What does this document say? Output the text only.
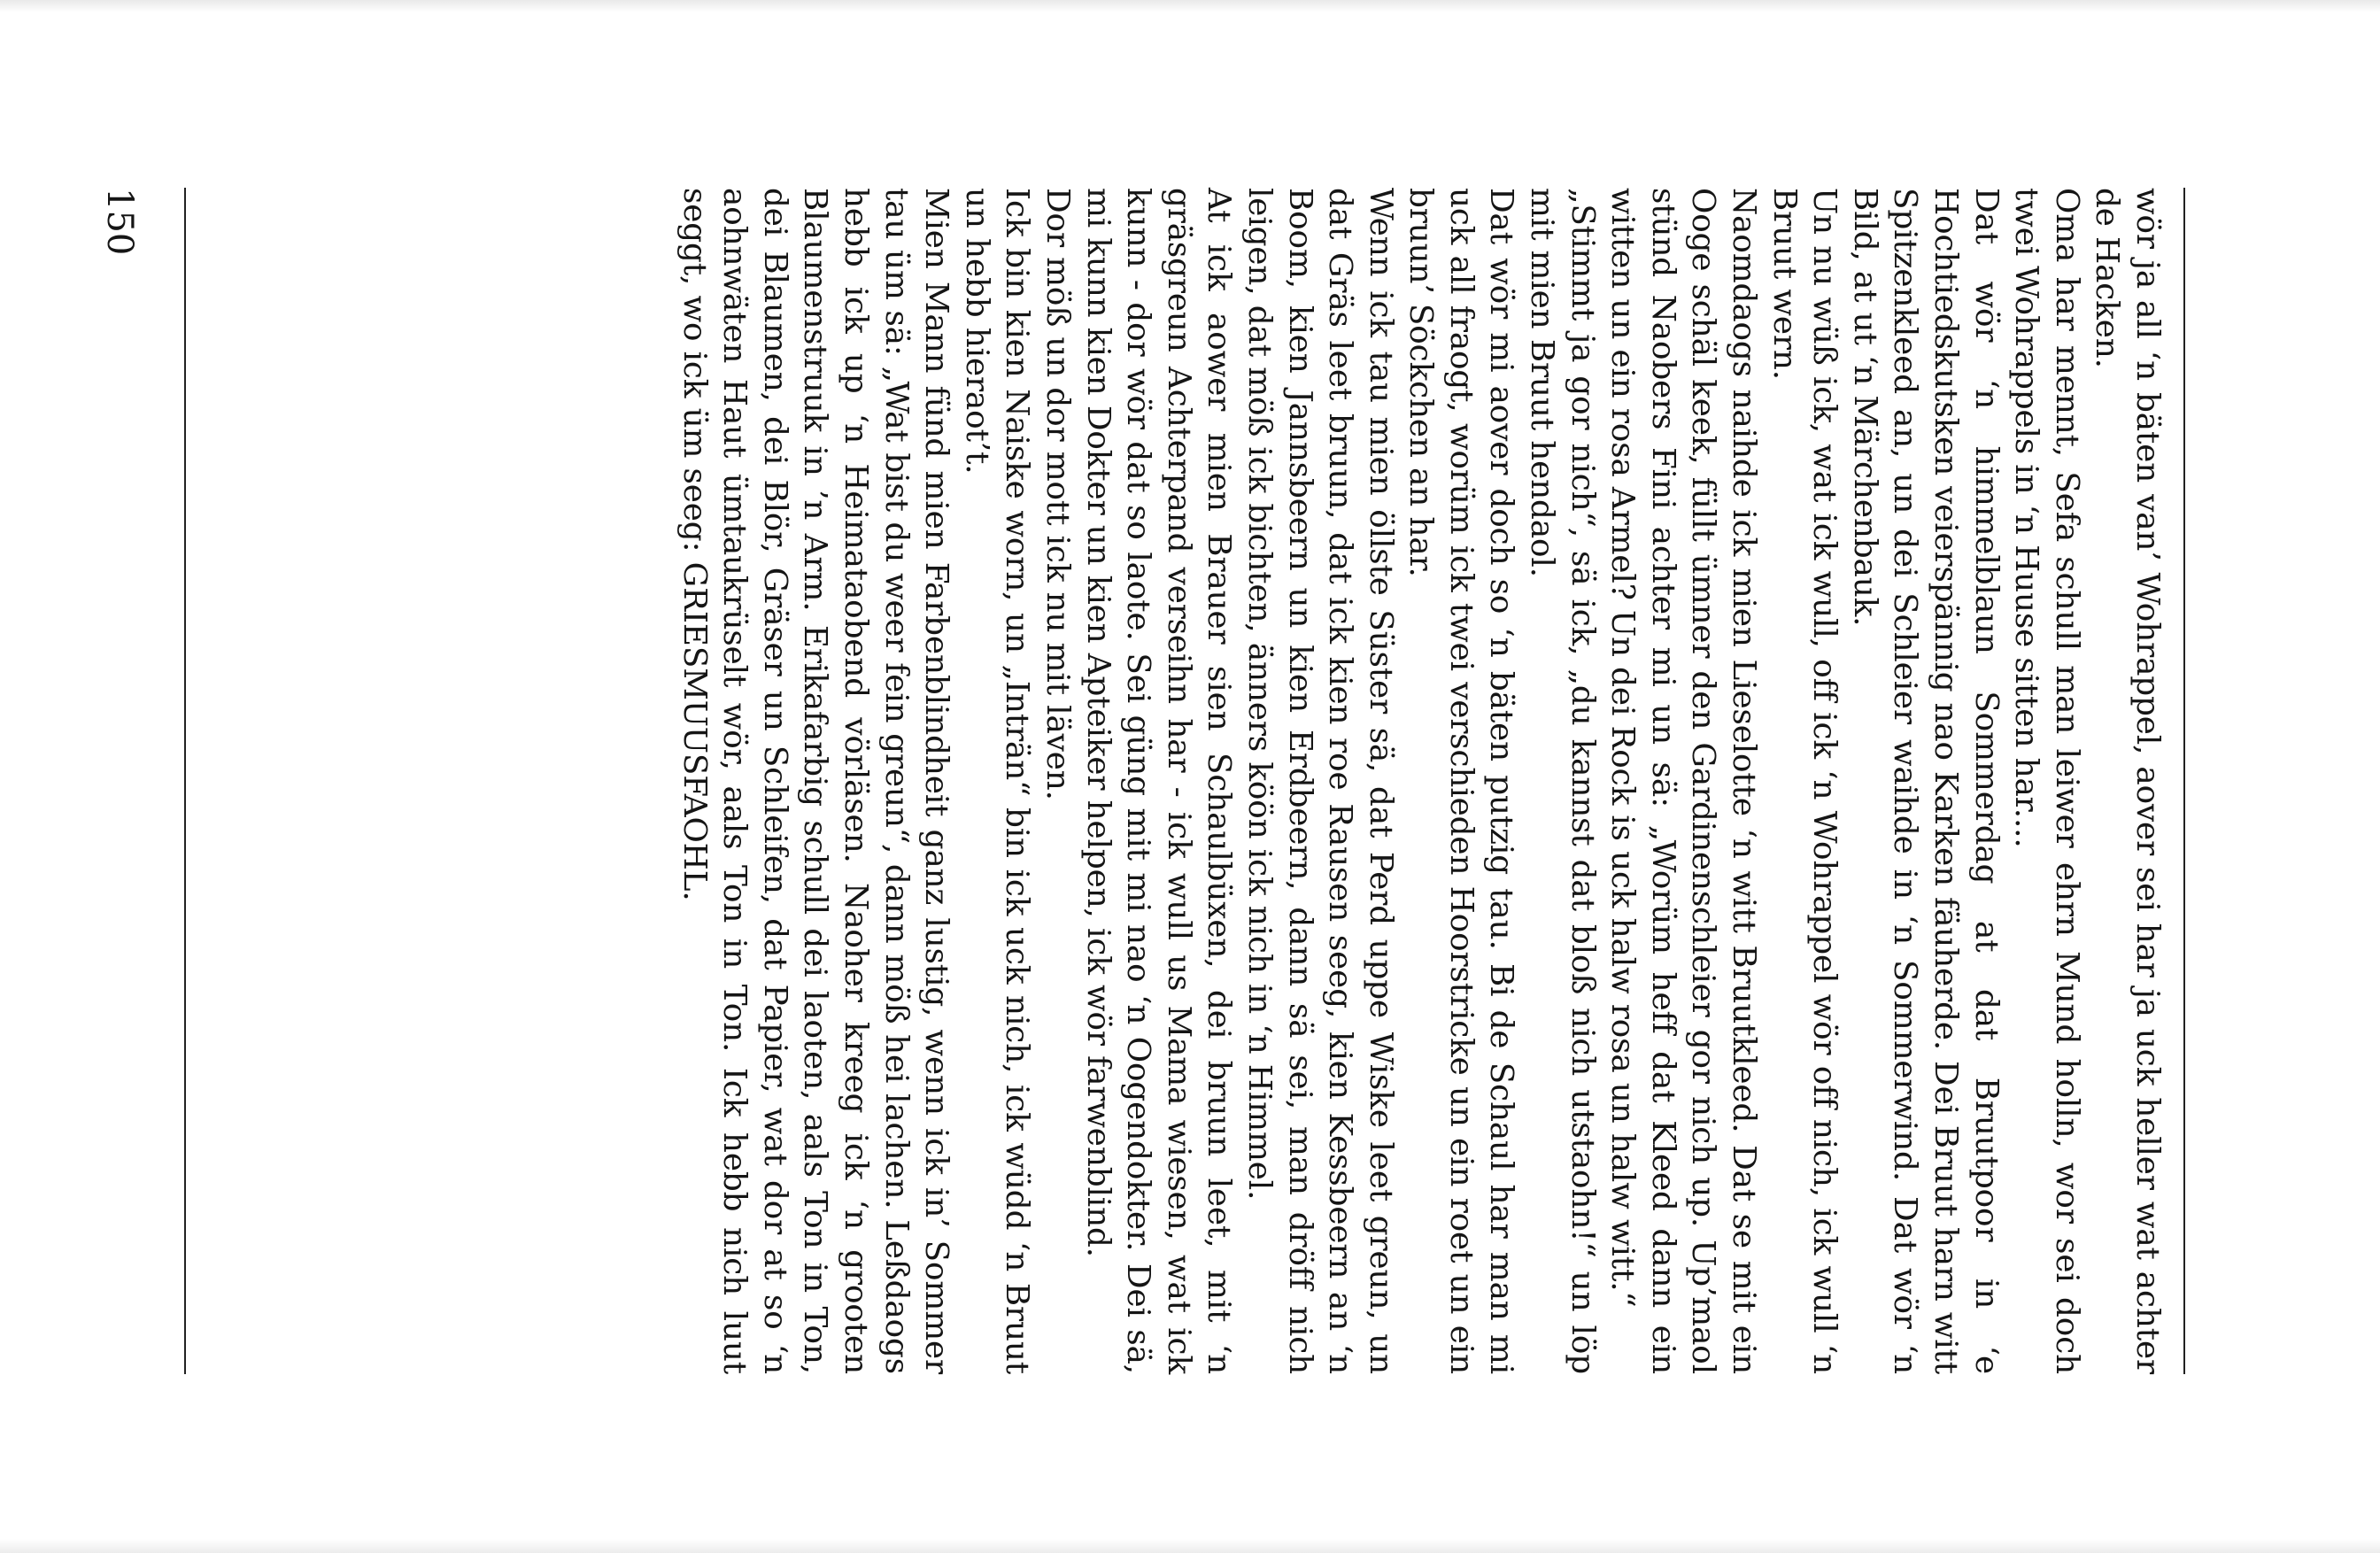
wör ja all ‘n bäten van’ Wohrappel, aover sei har ja uck heller wat achter de Hacken.

Oma har mennt, Sefa schull man leiwer ehrn Mund holln, wor sei doch twei Wohrappels in ‘n Huuse sitten har....

Dat wör ‘n himmelblaun Sommerdag at dat Bruutpoor in ‘e Hochtiedskutsken veierspännig nao Karken fäuherde. Dei Bruut harn witt Spitzenkleed an, un dei Schleier waihde in ‘n Sommerwind. Dat wör ‘n Bild, at ut ‘n Märchenbauk.

Un nu wüß ick, wat ick wull, off ick ‘n Wohrappel wör off nich, ick wull ‘n Bruut wern.

Naomdaogs naihde ick mien Lieselotte ‘n witt Bruutkleed. Dat se mit ein Oogе schäl keek, füllt ümner den Gardinenschleier gor nich up. Up’maol stünd Naobers Fini achter mi un sä: „Worüm heff dat Kleed dann ein witten un ein rosa Armel? Un dei Rock is uck halw rosa un halw witt.“

„Stimmt ja gor nich“, sä ick, „du kannst dat bloß nich utstaohn!“ un löp mit mien Bruut hendaol.

Dat wör mi aover doch so ‘n bäten putzig tau. Bi de Schaul har man mi uck all fraogt, worüm ick twei verschieden Hoorstricke un ein roet un ein bruun’ Söckchen an har.

Wenn ick tau mien öllste Süster sä, dat Perd uppe Wiske leet greun, un dat Gräs leet bruun, dat ick kien roe Rausen seeg, kien Kessbeern an ‘n Boom, kien Jannsbeern un kien Erdbeern, dann sä sei, man dröff nich leigen, dat möß ick bichten, änners köön ick nich in ‘n Himmel.

At ick aower mien Brauer sien Schaulbüxen, dei bruun leet, mit ‘n gräsgreun Achterpand verseihn har - ick wull us Mama wiesen, wat ick kunn - dor wör dat so laote. Sei güng mit mi nao ‘n Oogendokter. Dei sä, mi kunn kien Dokter un kien Apteiker helpen, ick wör farwenblind.

Dor möß un dor mott ick nu mit läven.

Ick bin kien Naiske worn, un „Inträn“ bin ick uck nich, ick wüdd ‘n Bruut un hebb hieraot’t.

Mien Mann fünd mien Farbenblindheit ganz lustig, wenn ick in’ Sommer tau üm sä: „Wat bist du weer fein greun“, dann möß hei lachen. Leßdaogs hebb ick up ‘n Heimataobend vörläsen. Naoher kreeg ick ‘n grooten Blaumenstruuk in ’n Arm. Erikafarbig schull dei laoten, aals Ton in Ton, dei Blaumen, dei Blör, Gräser un Schleifen, dat Papier, wat dor at so ‘n aohnwäten Haut ümtaukrüselt wör, aals Ton in Ton. Ick hebb nich luut seggt, wo ick üm seeg: GRIESMUUSFAOHL.

150
